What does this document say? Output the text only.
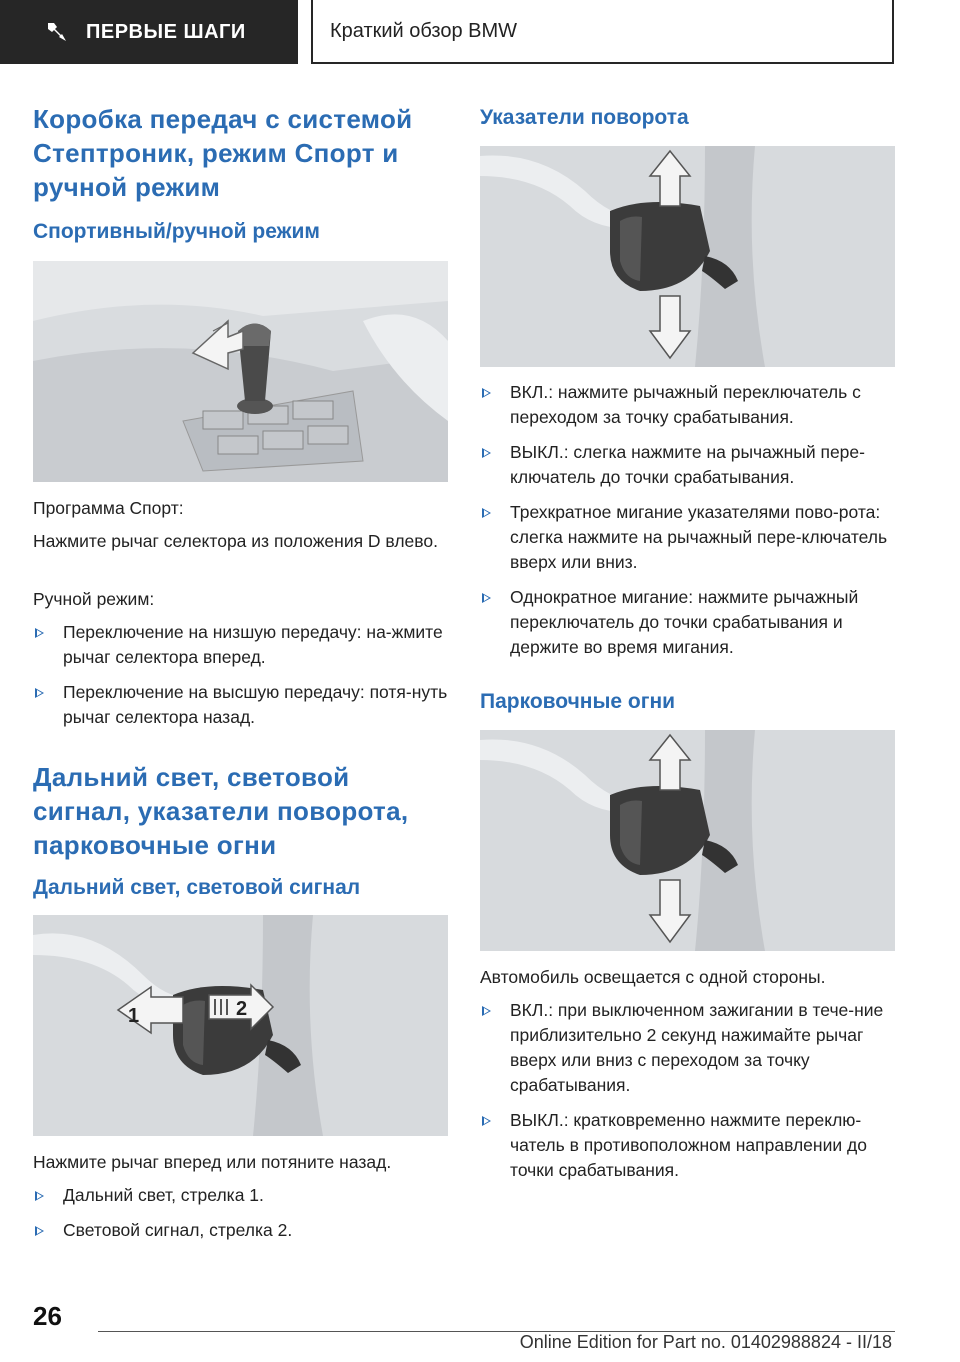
ПЕРВЫЕ ШАГИ	Краткий обзор BMW
Коробка передач с системой Стептроник, режим Спорт и ручной режим
Спортивный/ручной режим

Программа Спорт:

Нажмите рычаг селектора из положения D влево.

Ручной режим:

Переключение на низшую передачу: на-жмите рычаг селектора вперед.
Переключение на высшую передачу: потя-нуть рычаг селектора назад.
Дальний свет, световой сигнал, указатели поворота, парковочные огни
Дальний свет, световой сигнал
1	2

Нажмите рычаг вперед или потяните назад.

Дальний свет, стрелка 1.
Световой сигнал, стрелка 2.
Указатели поворота
ВКЛ.: нажмите рычажный переключатель с переходом за точку срабатывания.
ВЫКЛ.: слегка нажмите на рычажный пере-ключатель до точки срабатывания.
Трехкратное мигание указателями пово-рота: слегка нажмите на рычажный пере-ключатель вверх или вниз.
Однократное мигание: нажмите рычажный переключатель до точки срабатывания и держите во время мигания.
Парковочные огни

Автомобиль освещается с одной стороны.

ВКЛ.: при выключенном зажигании в тече-ние приблизительно 2 секунд нажимайте рычаг вверх или вниз с переходом за точку срабатывания.
ВЫКЛ.: кратковременно нажмите переклю-чатель в противоположном направлении до точки срабатывания.
26
Online Edition for Part no. 01402988824 - II/18
